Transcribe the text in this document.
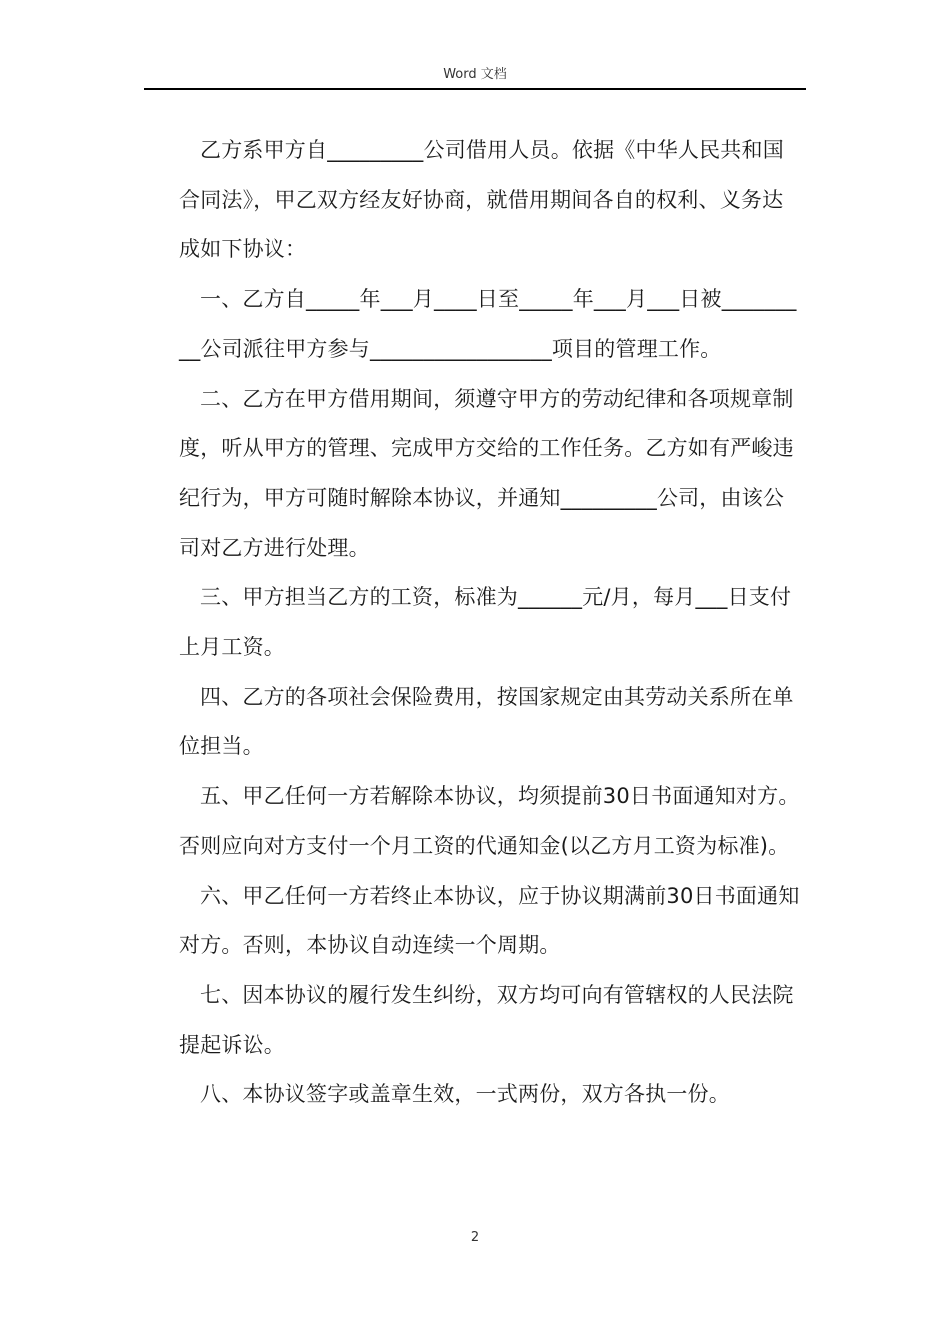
Word 文档

乙方系甲方自_________公司借用人员。依据《中华人民共和国合同法》，甲乙双方经友好协商，就借用期间各自的权利、义务达成如下协议：

一、乙方自_____年___月____日至_____年___月___日被_________公司派往甲方参与_________________项目的管理工作。

二、乙方在甲方借用期间，须遵守甲方的劳动纪律和各项规章制度，听从甲方的管理、完成甲方交给的工作任务。乙方如有严峻违纪行为，甲方可随时解除本协议，并通知_________公司，由该公司对乙方进行处理。

三、甲方担当乙方的工资，标准为______元/月，每月___日支付上月工资。

四、乙方的各项社会保险费用，按国家规定由其劳动关系所在单位担当。

五、甲乙任何一方若解除本协议，均须提前30日书面通知对方。否则应向对方支付一个月工资的代通知金(以乙方月工资为标准)。

六、甲乙任何一方若终止本协议，应于协议期满前30日书面通知对方。否则，本协议自动连续一个周期。

七、因本协议的履行发生纠纷，双方均可向有管辖权的人民法院提起诉讼。

八、本协议签字或盖章生效，一式两份，双方各执一份。

2
